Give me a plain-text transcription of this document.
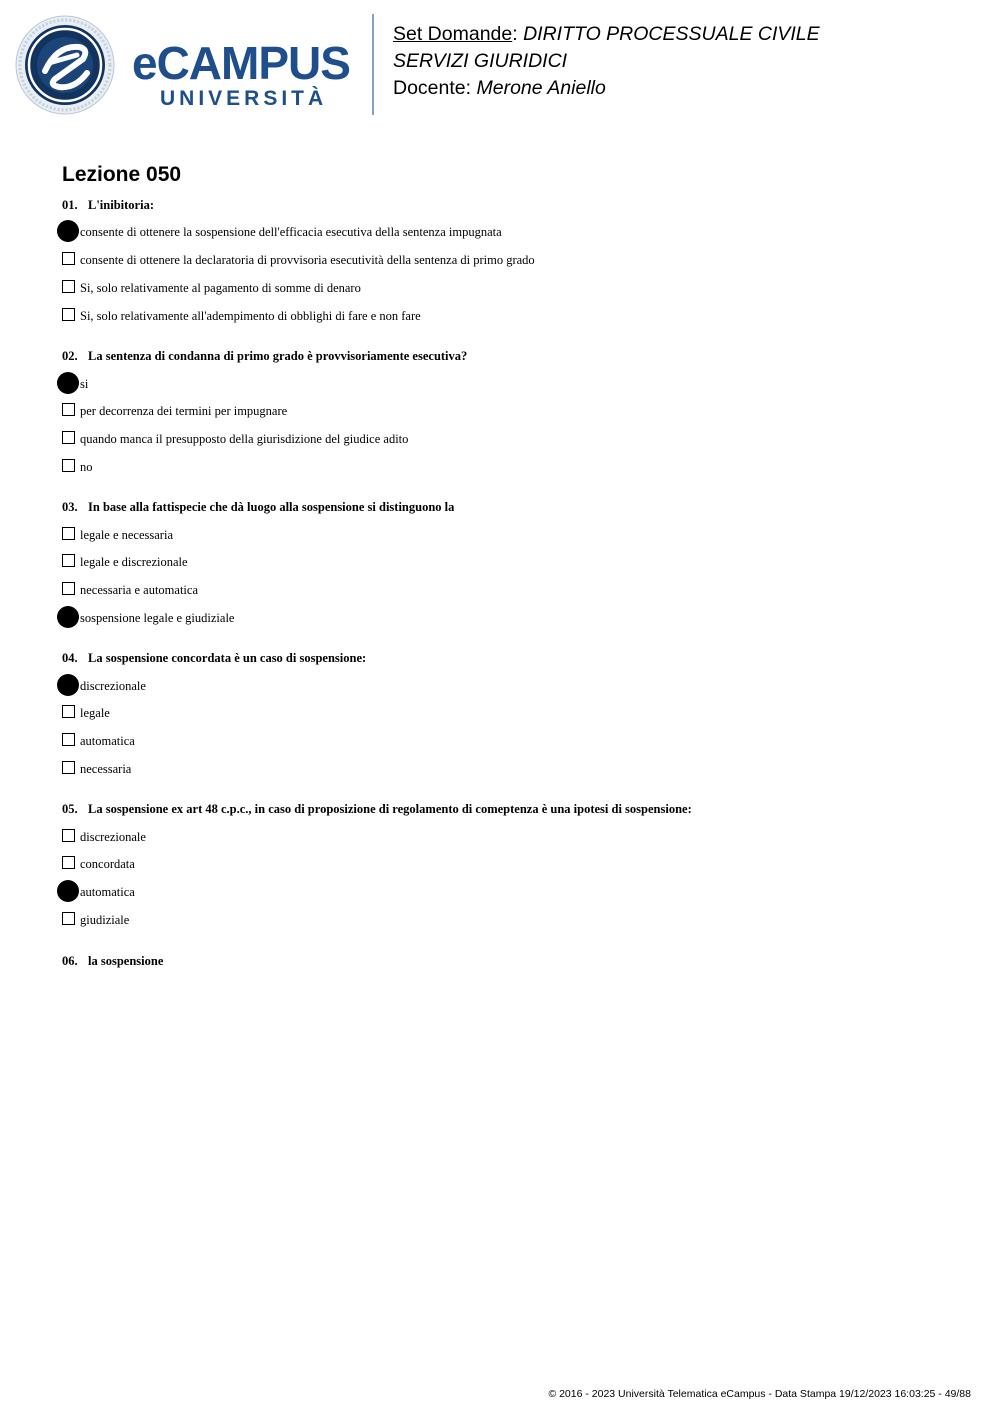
eCAMPUS
UNIVERSITÀ
Set Domande: DIRITTO PROCESSUALE CIVILE
SERVIZI GIURIDICI
Docente: Merone Aniello
Lezione 050
01. L'inibitoria:
consente di ottenere la sospensione dell'efficacia esecutiva della sentenza impugnata
consente di ottenere la declaratoria di provvisoria esecutività della sentenza di primo grado
Si, solo relativamente al pagamento di somme di denaro
Si, solo relativamente all'adempimento di obblighi di fare e non fare
02. La sentenza di condanna di primo grado è provvisoriamente esecutiva?
si
per decorrenza dei termini per impugnare
quando manca il presupposto della giurisdizione del giudice adito
no
03. In base alla fattispecie che dà luogo alla sospensione si distinguono la
legale e necessaria
legale e discrezionale
necessaria e automatica
sospensione legale e giudiziale
04. La sospensione concordata è un caso di sospensione:
discrezionale
legale
automatica
necessaria
05. La sospensione ex art 48 c.p.c., in caso di proposizione di regolamento di comeptenza è una ipotesi di sospensione:
discrezionale
concordata
automatica
giudiziale
06. la sospensione
© 2016 - 2023 Università Telematica eCampus - Data Stampa 19/12/2023 16:03:25 - 49/88
